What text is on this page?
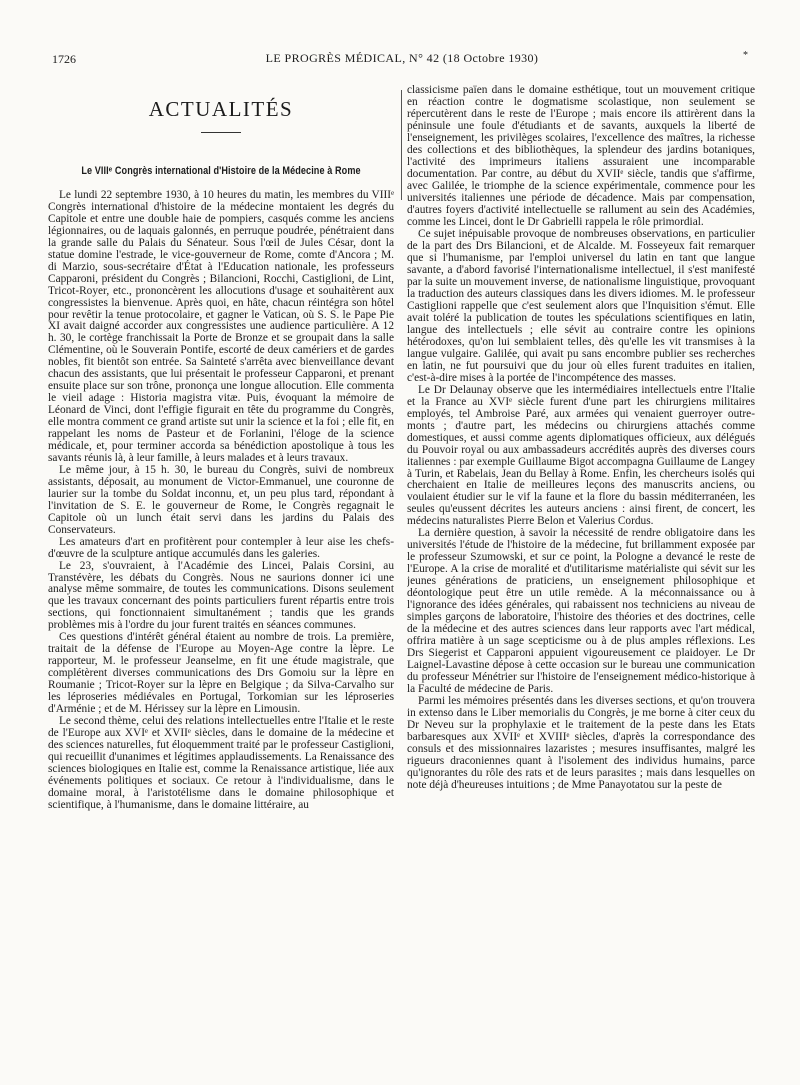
1726	LE PROGRÈS MÉDICAL, N° 42 (18 Octobre 1930)	*
ACTUALITÉS
Le VIIIᵉ Congrès international d'Histoire de la Médecine à Rome

Le lundi 22 septembre 1930, à 10 heures du matin, les membres du VIIIᵉ Congrès international d'histoire de la médecine montaient les degrés du Capitole et entre une double haie de pompiers, casqués comme les anciens légionnaires, ou de laquais galonnés, en perruque poudrée, pénétraient dans la grande salle du Palais du Sénateur. Sous l'œil de Jules César, dont la statue domine l'estrade, le vice-gouverneur de Rome, comte d'Ancora ; M. di Marzio, sous-secrétaire d'État à l'Education nationale, les professeurs Capparoni, président du Congrès ; Bilancioni, Rocchi, Castiglioni, de Lint, Tricot-Royer, etc., prononcèrent les allocutions d'usage et souhaitèrent aux congressistes la bienvenue. Après quoi, en hâte, chacun réintégra son hôtel pour revêtir la tenue protocolaire, et gagner le Vatican, où S. S. le Pape Pie XI avait daigné accorder aux congressistes une audience particulière. A 12 h. 30, le cortège franchissait la Porte de Bronze et se groupait dans la salle Clémentine, où le Souverain Pontife, escorté de deux camériers et de gardes nobles, fit bientôt son entrée. Sa Sainteté s'arrêta avec bienveillance devant chacun des assistants, que lui présentait le professeur Capparoni, et prenant ensuite place sur son trône, prononça une longue allocution. Elle commenta le vieil adage : Historia magistra vitæ. Puis, évoquant la mémoire de Léonard de Vinci, dont l'effigie figurait en tête du programme du Congrès, elle montra comment ce grand artiste sut unir la science et la foi ; elle fit, en rappelant les noms de Pasteur et de Forlanini, l'éloge de la science médicale, et, pour terminer accorda sa bénédiction apostolique à tous les savants réunis là, à leur famille, à leurs malades et à leurs travaux.

Le même jour, à 15 h. 30, le bureau du Congrès, suivi de nombreux assistants, déposait, au monument de Victor-Emmanuel, une couronne de laurier sur la tombe du Soldat inconnu, et, un peu plus tard, répondant à l'invitation de S. E. le gouverneur de Rome, le Congrès regagnait le Capitole où un lunch était servi dans les jardins du Palais des Conservateurs.

Les amateurs d'art en profitèrent pour contempler à leur aise les chefs-d'œuvre de la sculpture antique accumulés dans les galeries.

Le 23, s'ouvraient, à l'Académie des Lincei, Palais Corsini, au Transtévère, les débats du Congrès. Nous ne saurions donner ici une analyse même sommaire, de toutes les communications. Disons seulement que les travaux concernant des points particuliers furent répartis entre trois sections, qui fonctionnaient simultanément ; tandis que les grands problèmes mis à l'ordre du jour furent traités en séances communes.

Ces questions d'intérêt général étaient au nombre de trois. La première, traitait de la défense de l'Europe au Moyen-Age contre la lèpre. Le rapporteur, M. le professeur Jeanselme, en fit une étude magistrale, que complétèrent diverses communications des Drs Gomoiu sur la lèpre en Roumanie ; Tricot-Royer sur la lèpre en Belgique ; da Silva-Carvalho sur les léproseries médiévales en Portugal, Torkomian sur les léproseries d'Arménie ; et de M. Hérissey sur la lèpre en Limousin.

Le second thème, celui des relations intellectuelles entre l'Italie et le reste de l'Europe aux XVIᵉ et XVIIᵉ siècles, dans le domaine de la médecine et des sciences naturelles, fut éloquemment traité par le professeur Castiglioni, qui recueillit d'unanimes et légitimes applaudissements. La Renaissance des sciences biologiques en Italie est, comme la Renaissance artistique, liée aux événements politiques et sociaux. Ce retour à l'individualisme, dans le domaine moral, à l'aristotélisme dans le domaine philosophique et scientifique, à l'humanisme, dans le domaine littéraire, au

classicisme païen dans le domaine esthétique, tout un mouvement critique en réaction contre le dogmatisme scolastique, non seulement se répercutèrent dans le reste de l'Europe ; mais encore ils attirèrent dans la péninsule une foule d'étudiants et de savants, auxquels la liberté de l'enseignement, les privilèges scolaires, l'excellence des maîtres, la richesse des collections et des bibliothèques, la splendeur des jardins botaniques, l'activité des imprimeurs italiens assuraient une incomparable documentation. Par contre, au début du XVIIᵉ siècle, tandis que s'affirme, avec Galilée, le triomphe de la science expérimentale, commence pour les universités italiennes une période de décadence. Mais par compensation, d'autres foyers d'activité intellectuelle se rallument au sein des Académies, comme les Lincei, dont le Dr Gabrielli rappela le rôle primordial.

Ce sujet inépuisable provoque de nombreuses observations, en particulier de la part des Drs Bilancioni, et de Alcalde. M. Fosseyeux fait remarquer que si l'humanisme, par l'emploi universel du latin en tant que langue savante, a d'abord favorisé l'internationalisme intellectuel, il s'est manifesté par la suite un mouvement inverse, de nationalisme linguistique, provoquant la traduction des auteurs classiques dans les divers idiomes. M. le professeur Castiglioni rappelle que c'est seulement alors que l'Inquisition s'émut. Elle avait toléré la publication de toutes les spéculations scientifiques en latin, langue des intellectuels ; elle sévit au contraire contre les opinions hétérodoxes, qu'on lui semblaient telles, dès qu'elle les vit transmises à la langue vulgaire. Galilée, qui avait pu sans encombre publier ses recherches en latin, ne fut poursuivi que du jour où elles furent traduites en italien, c'est-à-dire mises à la portée de l'incompétence des masses.

Le Dr Delaunay observe que les intermédiaires intellectuels entre l'Italie et la France au XVIᵉ siècle furent d'une part les chirurgiens militaires employés, tel Ambroise Paré, aux armées qui venaient guerroyer outre-monts ; d'autre part, les médecins ou chirurgiens attachés comme domestiques, et aussi comme agents diplomatiques officieux, aux délégués du Pouvoir royal ou aux ambassadeurs accrédités auprès des diverses cours italiennes : par exemple Guillaume Bigot accompagna Guillaume de Langey à Turin, et Rabelais, Jean du Bellay à Rome. Enfin, les chercheurs isolés qui cherchaient en Italie de meilleures leçons des manuscrits anciens, ou voulaient étudier sur le vif la faune et la flore du bassin méditerranéen, les seules qu'eussent décrites les auteurs anciens : ainsi firent, de concert, les médecins naturalistes Pierre Belon et Valerius Cordus.

La dernière question, à savoir la nécessité de rendre obligatoire dans les universités l'étude de l'histoire de la médecine, fut brillamment exposée par le professeur Szumowski, et sur ce point, la Pologne a devancé le reste de l'Europe. A la crise de moralité et d'utilitarisme matérialiste qui sévit sur les jeunes générations de praticiens, un enseignement philosophique et déontologique peut être un utile remède. A la méconnaissance ou à l'ignorance des idées générales, qui rabaissent nos techniciens au niveau de simples garçons de laboratoire, l'histoire des théories et des doctrines, celle de la médecine et des autres sciences dans leur rapports avec l'art médical, offrira matière à un sage scepticisme ou à de plus amples réflexions. Les Drs Siegerist et Capparoni appuient vigoureusement ce plaidoyer. Le Dr Laignel-Lavastine dépose à cette occasion sur le bureau une communication du professeur Ménétrier sur l'histoire de l'enseignement médico-historique à la Faculté de médecine de Paris.

Parmi les mémoires présentés dans les diverses sections, et qu'on trouvera in extenso dans le Liber memorialis du Congrès, je me borne à citer ceux du Dr Neveu sur la prophylaxie et le traitement de la peste dans les Etats barbaresques aux XVIIᵉ et XVIIIᵉ siècles, d'après la correspondance des consuls et des missionnaires lazaristes ; mesures insuffisantes, malgré les rigueurs draconiennes quant à l'isolement des individus humains, parce qu'ignorantes du rôle des rats et de leurs parasites ; mais dans lesquelles on note déjà d'heureuses intuitions ; de Mme Panayotatou sur la peste de
